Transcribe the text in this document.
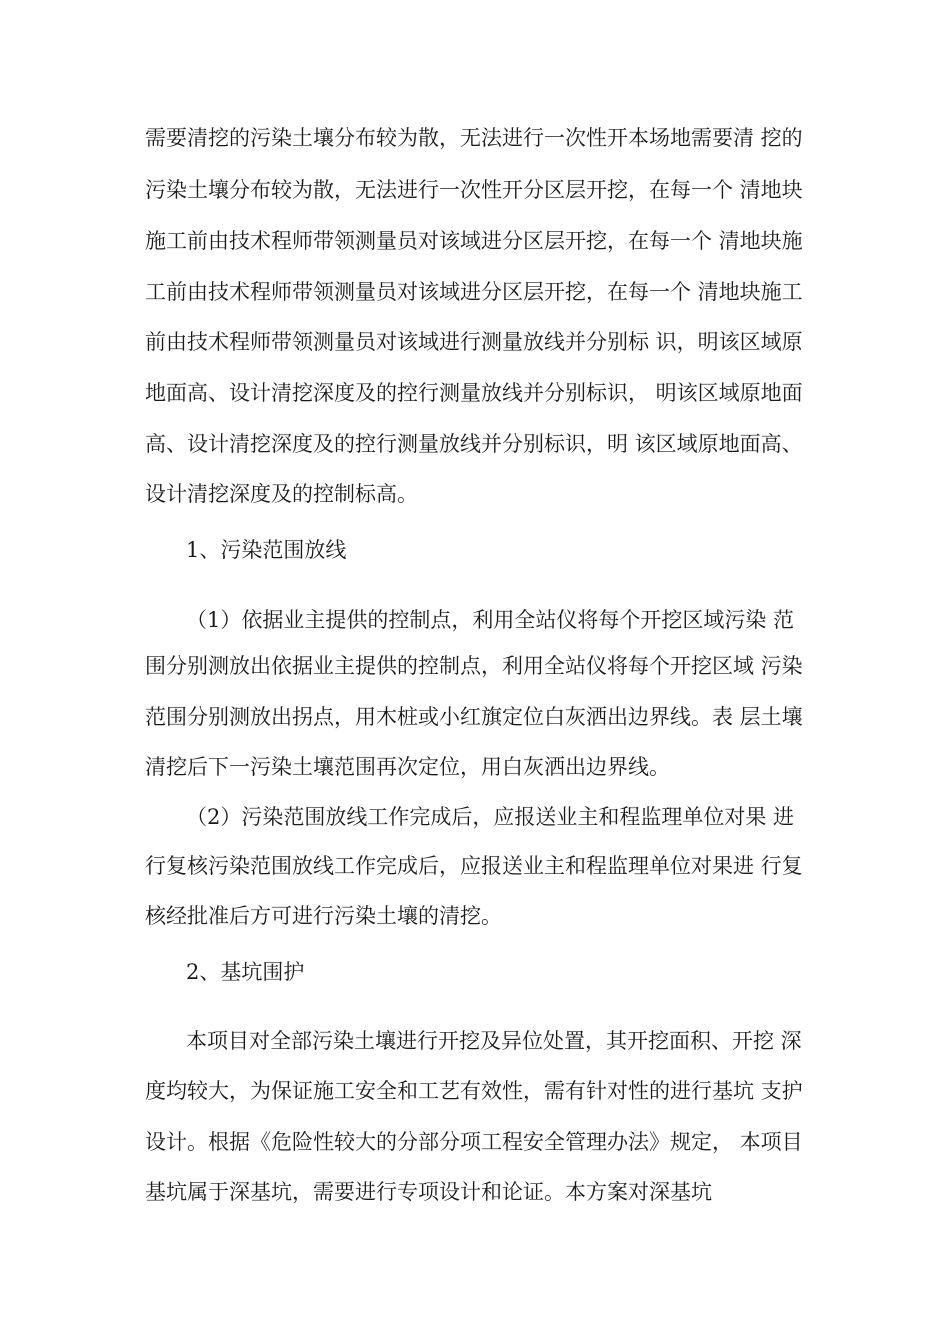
需要清挖的污染土壤分布较为散，无法进行一次性开本场地需要清 挖的
污染土壤分布较为散，无法进行一次性开分区层开挖，在每一个 清地块
施工前由技术程师带领测量员对该域进分区层开挖，在每一个 清地块施
工前由技术程师带领测量员对该域进分区层开挖，在每一个 清地块施工
前由技术程师带领测量员对该域进行测量放线并分别标 识，明该区域原
地面高、设计清挖深度及的控行测量放线并分别标识， 明该区域原地面
高、设计清挖深度及的控行测量放线并分别标识，明 该区域原地面高、
设计清挖深度及的控制标高。
1、污染范围放线
（1）依据业主提供的控制点，利用全站仪将每个开挖区域污染 范
围分别测放出依据业主提供的控制点，利用全站仪将每个开挖区域 污染
范围分别测放出拐点，用木桩或小红旗定位白灰洒出边界线。表 层土壤
清挖后下一污染土壤范围再次定位，用白灰洒出边界线。
（2）污染范围放线工作完成后，应报送业主和程监理单位对果 进
行复核污染范围放线工作完成后，应报送业主和程监理单位对果进 行复
核经批准后方可进行污染土壤的清挖。
2、基坑围护
本项目对全部污染土壤进行开挖及异位处置，其开挖面积、开挖 深
度均较大，为保证施工安全和工艺有效性，需有针对性的进行基坑 支护
设计。根据《危险性较大的分部分项工程安全管理办法》规定， 本项目
基坑属于深基坑，需要进行专项设计和论证。本方案对深基坑
